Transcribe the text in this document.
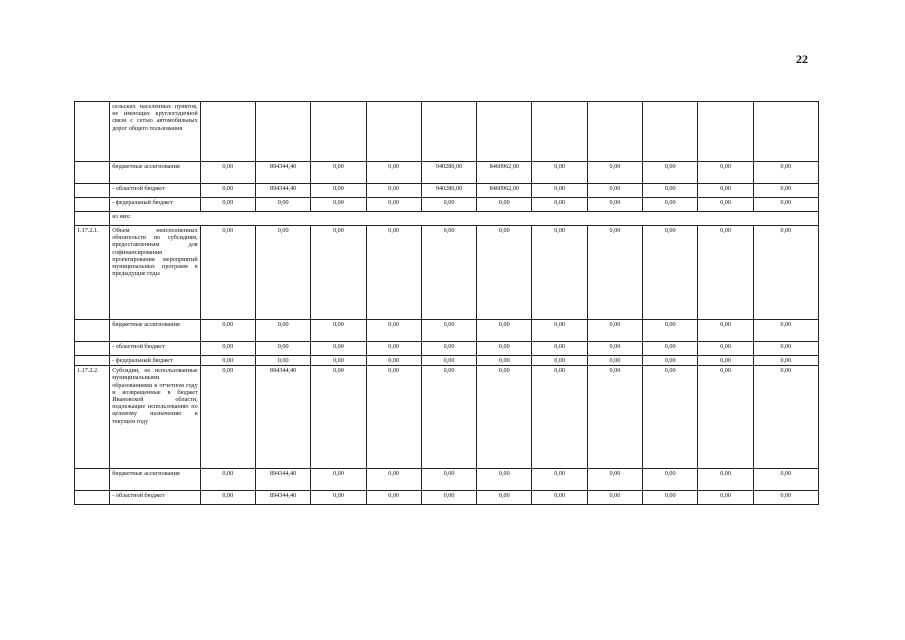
22
	сельских населенных пунктов, не имеющих круглогодичной связи с сетью автомобильных дорог общего пользования											
	бюджетные ассигнования	0,00	894344,40	0,00	0,00	940280,00	8460962,00	0,00	0,00	0,00	0,00	0,00
	- областной бюджет	0,00	894344,40	0,00	0,00	940280,00	8460962,00	0,00	0,00	0,00	0,00	0,00
	- федеральный бюджет	0,00	0,00	0,00	0,00	0,00	0,00	0,00	0,00	0,00	0,00	0,00
	из них:											
1.17.2.1.	Объем неисполненных обязательств по субсидиям, предоставленным для софинансирования проектирования мероприятий муниципальных программ в предыдущие годы	0,00	0,00	0,00	0,00	0,00	0,00	0,00	0,00	0,00	0,00	0,00
	бюджетные ассигнования	0,00	0,00	0,00	0,00	0,00	0,00	0,00	0,00	0,00	0,00	0,00
	- областной бюджет	0,00	0,00	0,00	0,00	0,00	0,00	0,00	0,00	0,00	0,00	0,00
	- федеральный бюджет	0,00	0,00	0,00	0,00	0,00	0,00	0,00	0,00	0,00	0,00	0,00
1.17.2.2.	Субсидии, не использованные муниципальными образованиями в отчетном году и возвращенные в бюджет Ивановской области, подлежащие использованию по целевому назначению в текущем году	0,00	894344,40	0,00	0,00	0,00	0,00	0,00	0,00	0,00	0,00	0,00
	бюджетные ассигнования	0,00	894344,40	0,00	0,00	0,00	0,00	0,00	0,00	0,00	0,00	0,00
	- областной бюджет	0,00	894344,40	0,00	0,00	0,00	0,00	0,00	0,00	0,00	0,00	0,00
